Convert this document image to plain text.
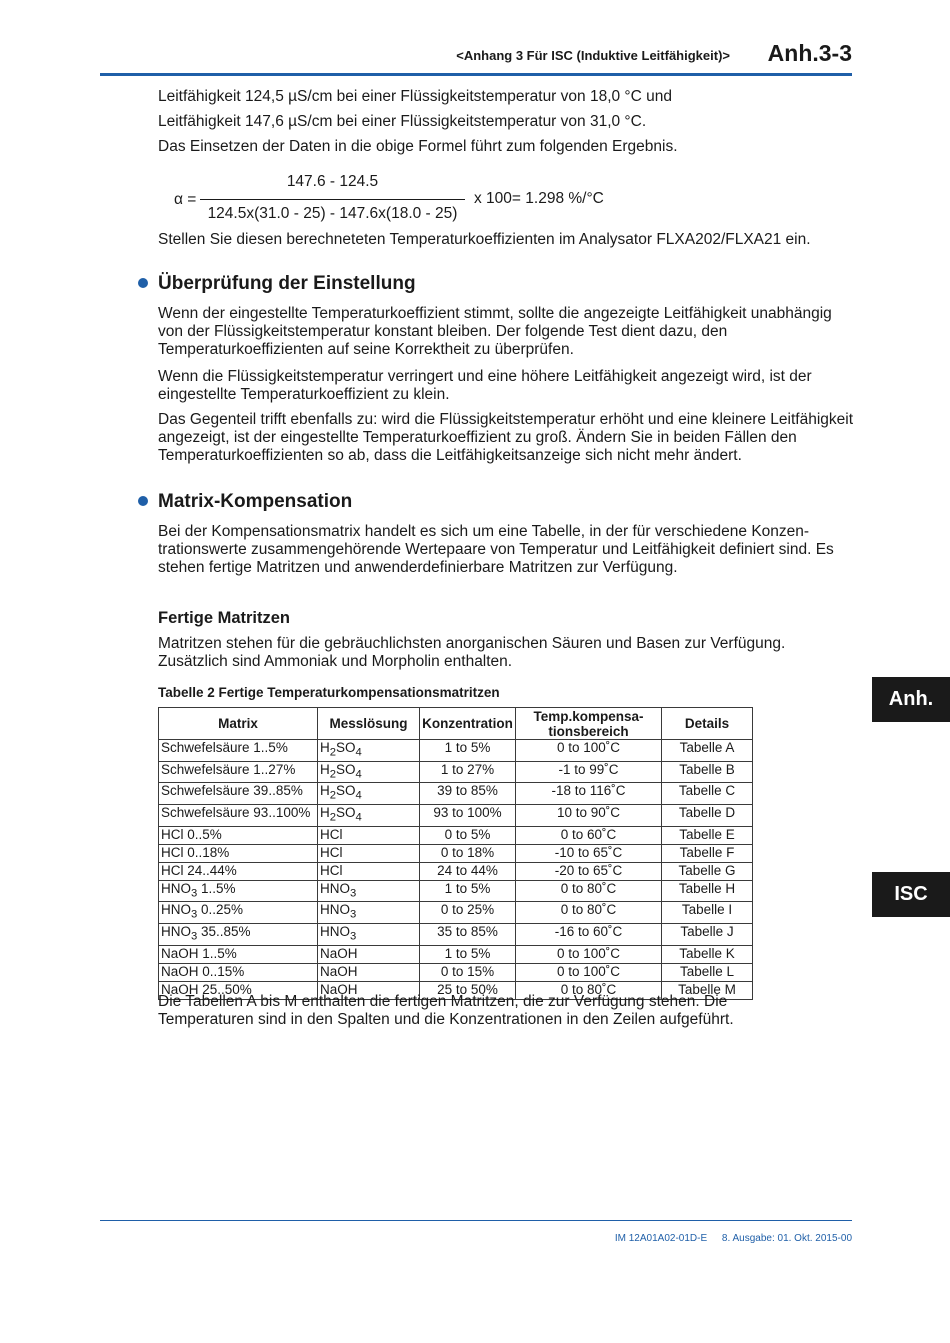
<Anhang 3 Für ISC (Induktive Leitfähigkeit)>	Anh.3-3
Leitfähigkeit 124,5 µS/cm bei einer Flüssigkeitstemperatur von 18,0 °C und
Leitfähigkeit 147,6 µS/cm bei einer Flüssigkeitstemperatur von 31,0 °C.
Das Einsetzen der Daten in die obige Formel führt zum folgenden Ergebnis.
α =
147.6 - 124.5
124.5x(31.0 - 25) - 147.6x(18.0 - 25)
x 100= 1.298 %/°C
Stellen Sie diesen berechneteten Temperaturkoeffizienten im Analysator FLXA202/FLXA21 ein.
Überprüfung der Einstellung
Wenn der eingestellte Temperaturkoeffizient stimmt, sollte die angezeigte Leitfähigkeit unabhängig von der Flüssigkeitstemperatur konstant bleiben. Der folgende Test dient dazu, den Temperaturkoeffizienten auf seine Korrektheit zu überprüfen.
Wenn die Flüssigkeitstemperatur verringert und eine höhere Leitfähigkeit angezeigt wird, ist der eingestellte Temperaturkoeffizient zu klein.
Das Gegenteil trifft ebenfalls zu: wird die Flüssigkeitstemperatur erhöht und eine kleinere Leitfähigkeit angezeigt, ist der eingestellte Temperaturkoeffizient zu groß. Ändern Sie in beiden Fällen den Temperaturkoeffizienten so ab, dass die Leitfähigkeitsanzeige sich nicht mehr ändert.
Matrix-Kompensation
Bei der Kompensationsmatrix handelt es sich um eine Tabelle, in der für verschiedene Konzen-trationswerte zusammengehörende Wertepaare von Temperatur und Leitfähigkeit definiert sind. Es stehen fertige Matritzen und anwenderdefinierbare Matritzen zur Verfügung.
Fertige Matritzen
Matritzen stehen für die gebräuchlichsten anorganischen Säuren und Basen zur Verfügung. Zusätzlich sind Ammoniak und Morpholin enthalten.
Tabelle 2 Fertige Temperaturkompensationsmatritzen
Matrix	Messlösung	Konzentration	Temp.kompensa-tionsbereich	Details
Schwefelsäure 1..5%	$H_2SO_4$	1 to 5%	0 to 100˚C	Tabelle A
Schwefelsäure 1..27%	$H_2SO_4$	1 to 27%	-1 to 99˚C	Tabelle B
Schwefelsäure 39..85%	$H_2SO_4$	39 to 85%	-18 to 116˚C	Tabelle C
Schwefelsäure 93..100%	$H_2SO_4$	93 to 100%	10 to 90˚C	Tabelle D
HCl 0..5%	HCl	0 to 5%	0 to 60˚C	Tabelle E
HCl 0..18%	HCl	0 to 18%	-10 to 65˚C	Tabelle F
HCl 24..44%	HCl	24 to 44%	-20 to 65˚C	Tabelle G
$HNO_3$ 1..5%	$HNO_3$	1 to 5%	0 to 80˚C	Tabelle H
$HNO_3$ 0..25%	$HNO_3$	0 to 25%	0 to 80˚C	Tabelle I
$HNO_3$ 35..85%	$HNO_3$	35 to 85%	-16 to 60˚C	Tabelle J
NaOH 1..5%	NaOH	1 to 5%	0 to 100˚C	Tabelle K
NaOH 0..15%	NaOH	0 to 15%	0 to 100˚C	Tabelle L
NaOH 25..50%	NaOH	25 to 50%	0 to 80˚C	Tabelle M
Die Tabellen A bis M enthalten die fertigen Matritzen, die zur Verfügung stehen. Die Temperaturen sind in den Spalten und die Konzentrationen in den Zeilen aufgeführt.
Anh.
ISC
IM 12A01A02-01D-E 8. Ausgabe: 01. Okt. 2015-00
